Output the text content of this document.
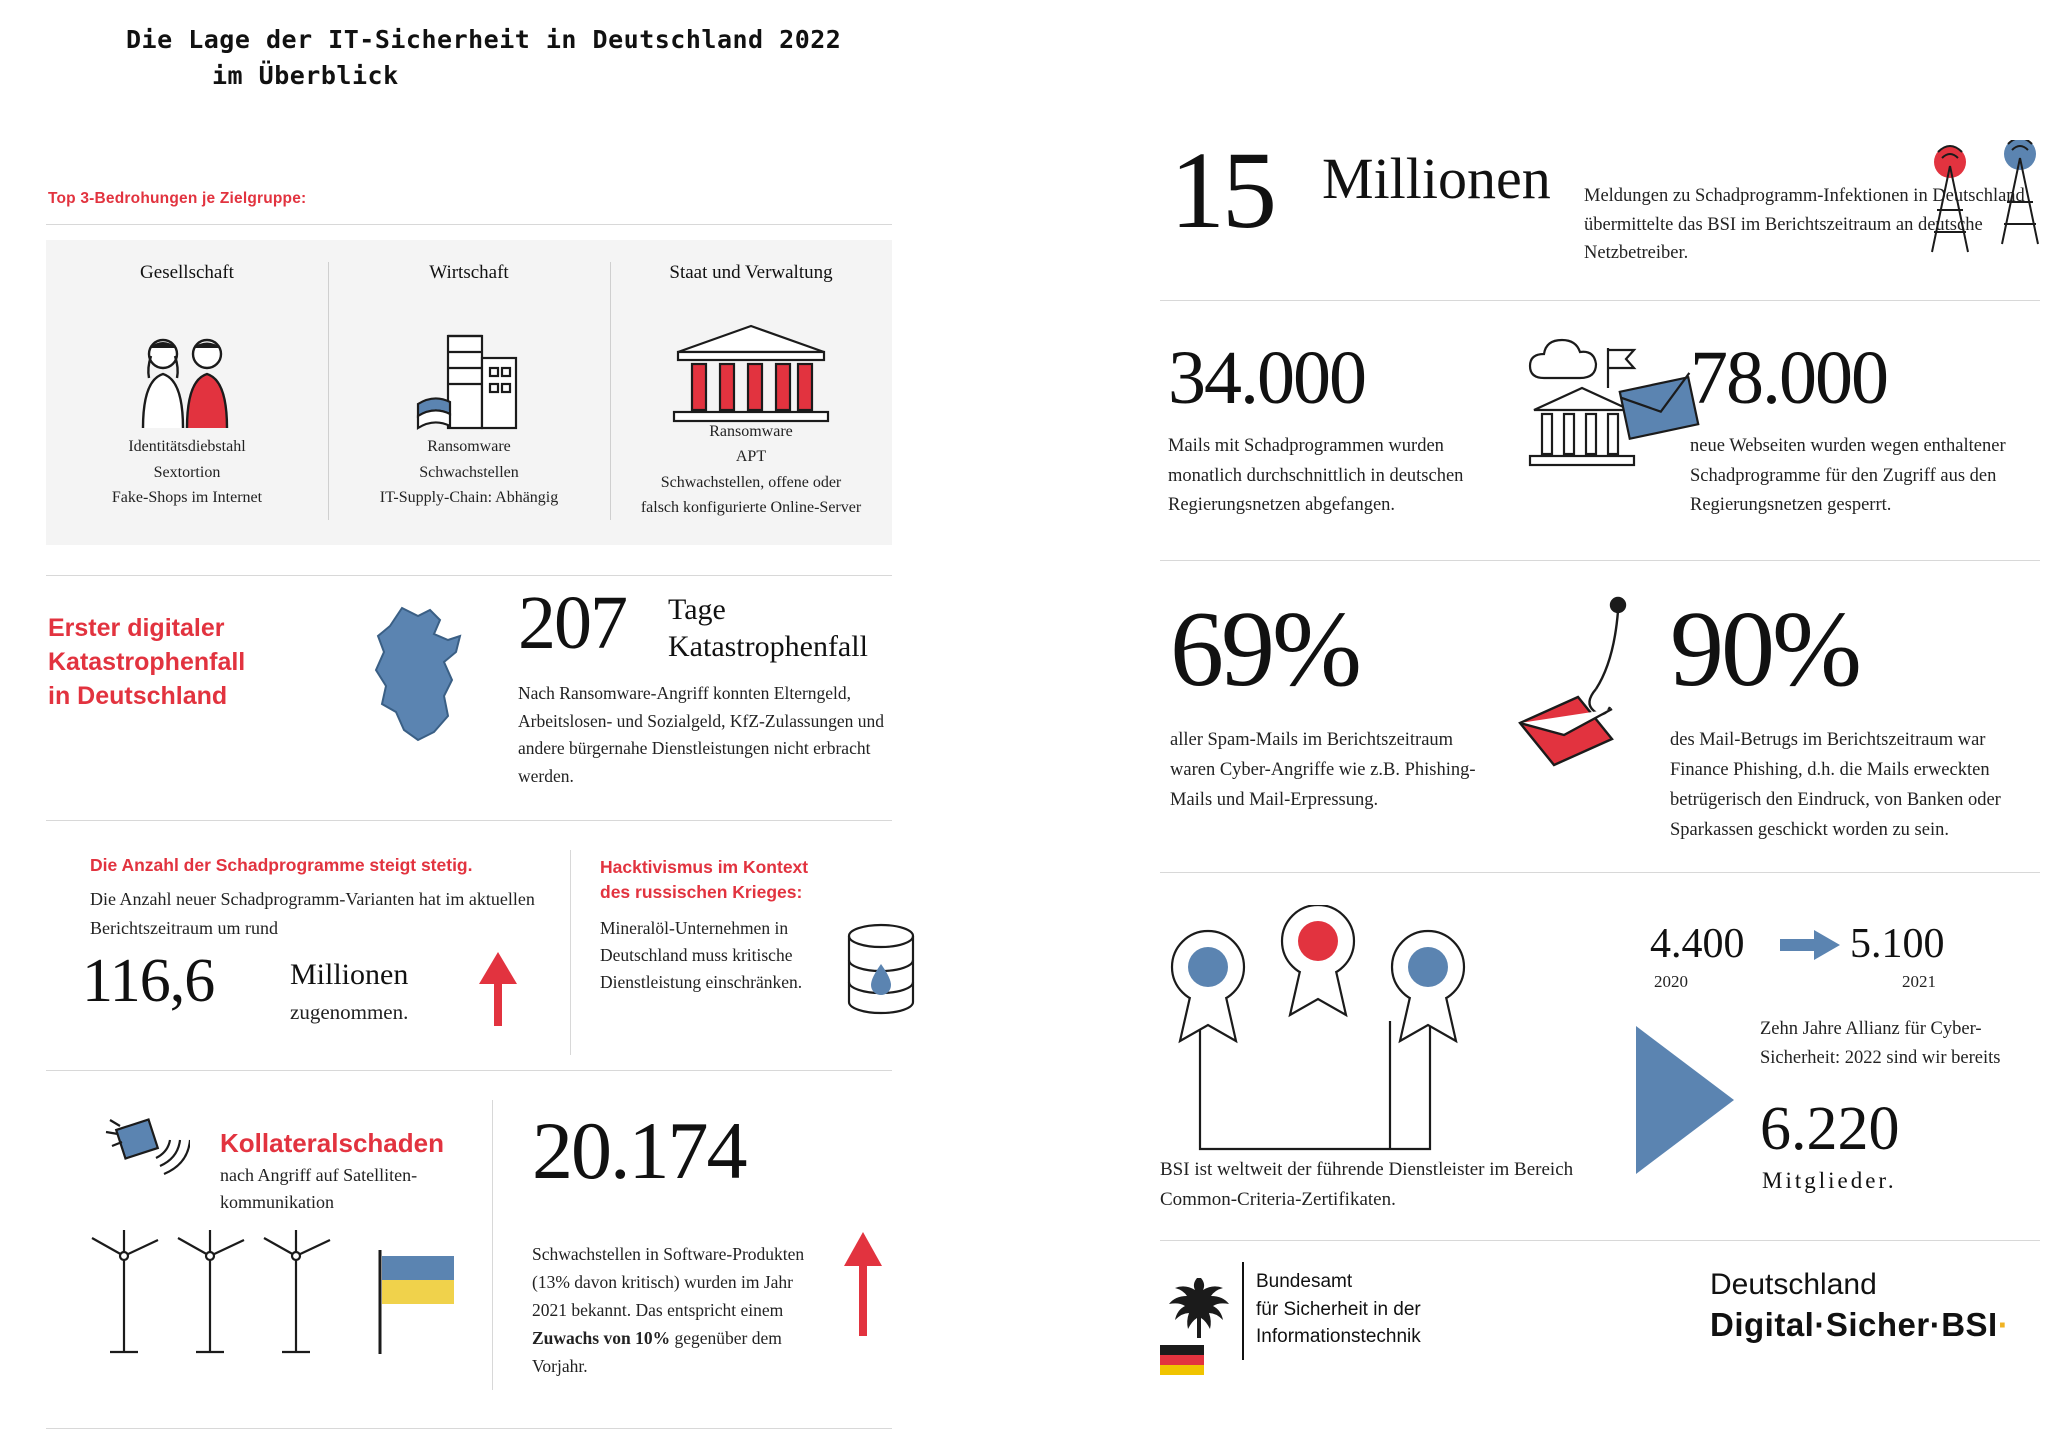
Die Lage der IT-Sicherheit in Deutschland 2022
im Überblick
Top 3-Bedrohungen je Zielgruppe:
Gesellschaft
Identitätsdiebstahl
Sextortion
Fake-Shops im Internet
Wirtschaft
Ransomware
Schwachstellen
IT-Supply-Chain: Abhängig
Staat und Verwaltung
Ransomware
APT
Schwachstellen, offene oder
falsch konfigurierte Online-Server
Erster digitaler
Katastrophenfall
in Deutschland
207 Tage
Katastrophenfall
Nach Ransomware-Angriff konnten Elterngeld, Arbeitslosen- und Sozialgeld, KfZ-Zulassungen und andere bürgernahe Dienstleistungen nicht erbracht werden.
Die Anzahl der Schadprogramme steigt stetig.
Die Anzahl neuer Schadprogramm-Varianten hat im aktuellen Berichtszeitraum um rund
116,6	Millionen
zugenommen.
Hacktivismus im Kontext
des russischen Krieges:
Mineralöl-Unternehmen in Deutschland muss kritische Dienstleistung einschränken.
Kollateralschaden
nach Angriff auf Satelliten- kommunikation
20.174
Schwachstellen in Software-Produkten (13% davon kritisch) wurden im Jahr 2021 bekannt. Das entspricht einem Zuwachs von 10% gegenüber dem Vorjahr.
15 Millionen Meldungen zu Schadprogramm-Infektionen in Deutschland übermittelte das BSI im Berichtszeitraum an deutsche Netzbetreiber.
34.000
Mails mit Schadprogrammen wurden monatlich durchschnittlich in deutschen Regierungsnetzen abgefangen.
78.000
neue Webseiten wurden wegen enthaltener Schadprogramme für den Zugriff aus den Regierungsnetzen gesperrt.
69%
aller Spam-Mails im Berichtszeitraum waren Cyber-Angriffe wie z.B. Phishing-Mails und Mail-Erpressung.
90%
des Mail-Betrugs im Berichtszeitraum war Finance Phishing, d.h. die Mails erweckten betrügerisch den Eindruck, von Banken oder Sparkassen geschickt worden zu sein.
BSI ist weltweit der führende Dienstleister im Bereich Common-Criteria-Zertifikaten.
4.400
2020
5.100
2021
Zehn Jahre Allianz für Cyber-Sicherheit: 2022 sind wir bereits
6.220
Mitglieder.
Bundesamt
für Sicherheit in der
Informationstechnik
Deutschland
Digital·Sicher·BSI·
